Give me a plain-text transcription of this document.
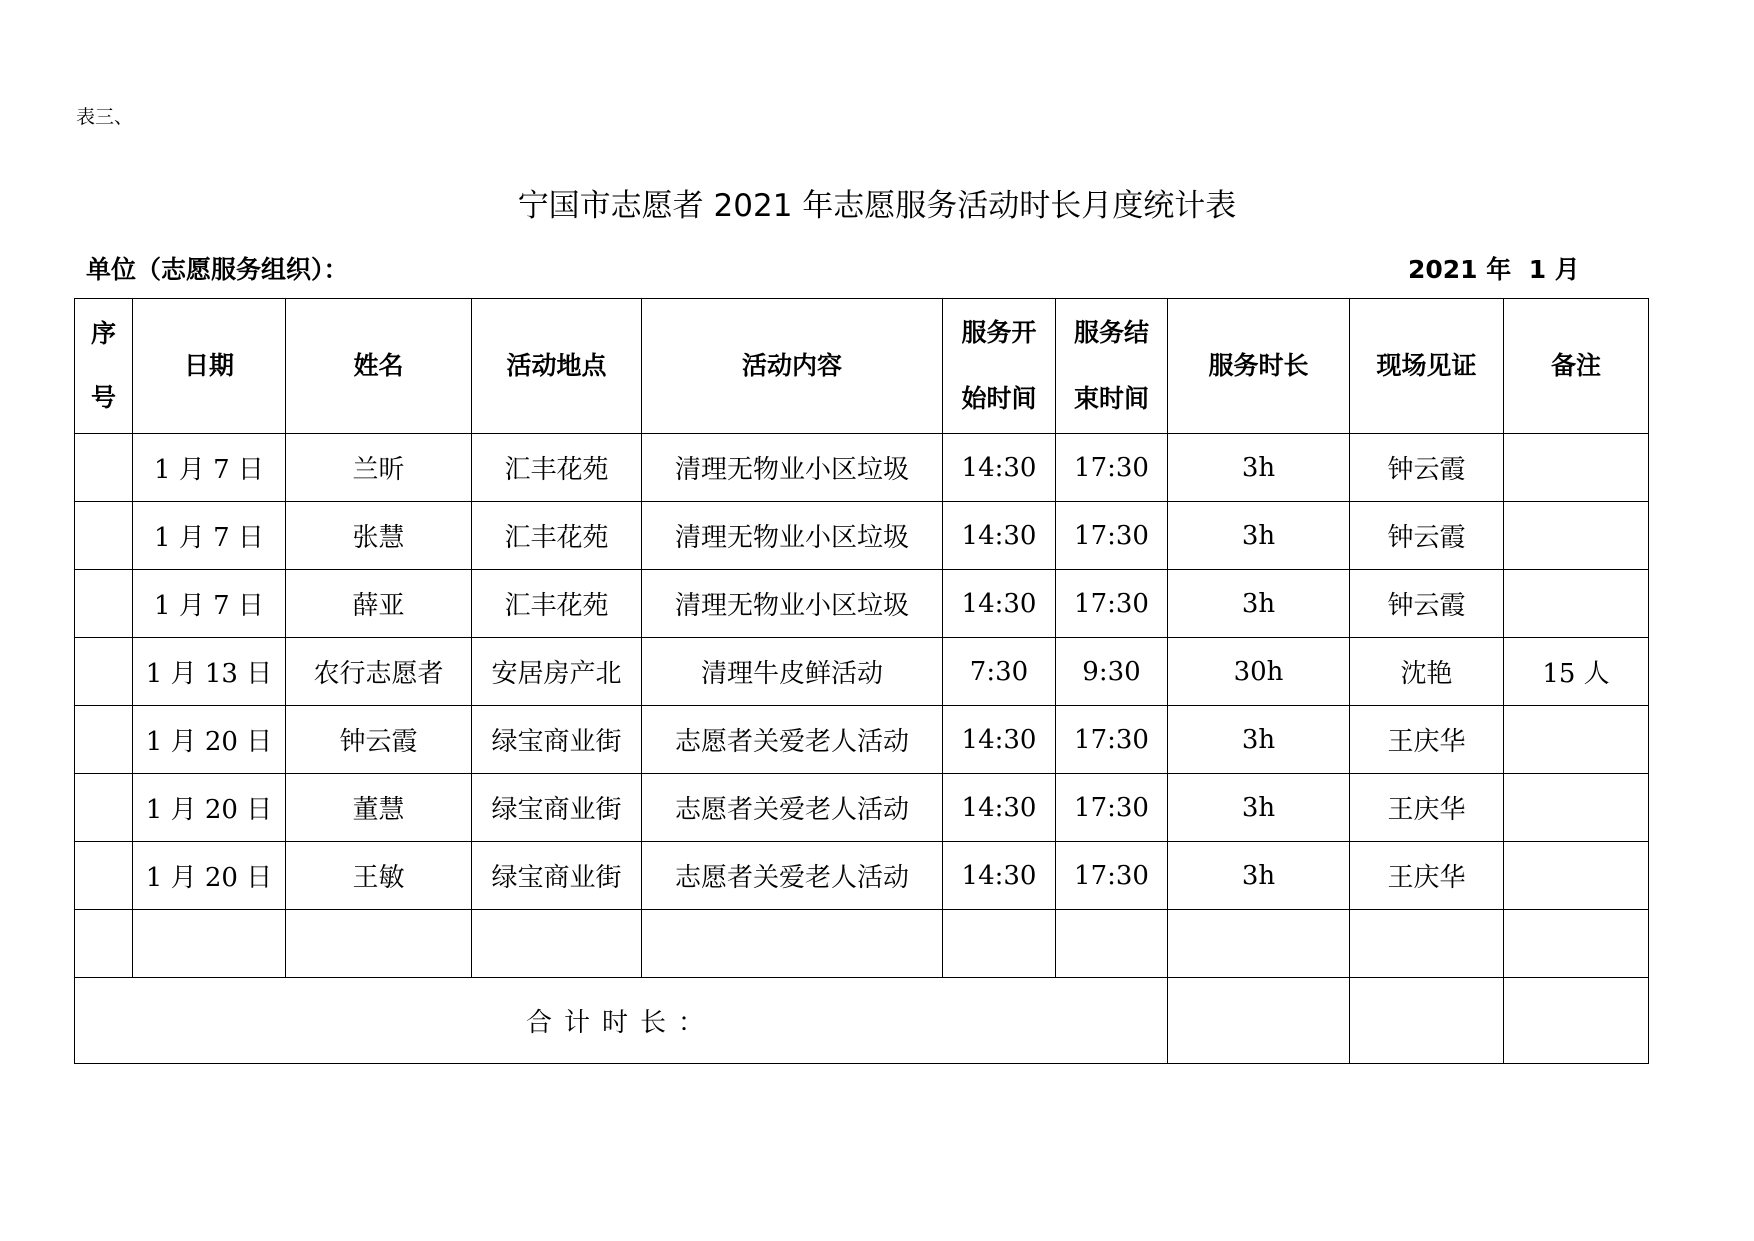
表三、
宁国市志愿者 2021 年志愿服务活动时长月度统计表
单位（志愿服务组织）：	2021 年  1 月
序号	日期	姓名	活动地点	活动内容	服务开始时间	服务结束时间	服务时长	现场见证	备注
	1 月 7 日	兰昕	汇丰花苑	清理无物业小区垃圾	14:30	17:30	3h	钟云霞	
	1 月 7 日	张慧	汇丰花苑	清理无物业小区垃圾	14:30	17:30	3h	钟云霞	
	1 月 7 日	薛亚	汇丰花苑	清理无物业小区垃圾	14:30	17:30	3h	钟云霞	
	1 月 13 日	农行志愿者	安居房产北	清理牛皮鲜活动	7:30	9:30	30h	沈艳	15 人
	1 月 20 日	钟云霞	绿宝商业街	志愿者关爱老人活动	14:30	17:30	3h	王庆华	
	1 月 20 日	董慧	绿宝商业街	志愿者关爱老人活动	14:30	17:30	3h	王庆华	
	1 月 20 日	王敏	绿宝商业街	志愿者关爱老人活动	14:30	17:30	3h	王庆华	

合计时长：									
